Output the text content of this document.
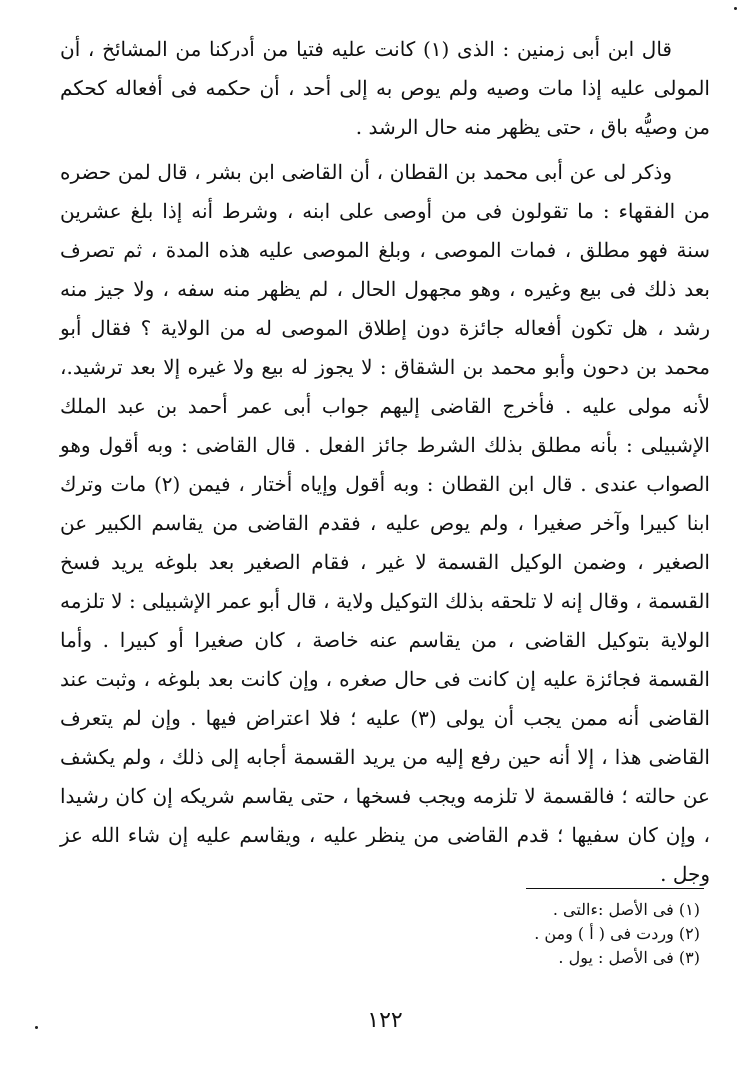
قال ابن أبى زمنين : الذى (١) كانت عليه فتيا من أدركنا من المشائخ ، أن المولى عليه إذا مات وصيه ولم يوص به إلى أحد ، أن حكمه فى أفعاله كحكم من وصيُّه باق ، حتى يظهر منه حال الرشد .

وذكر لى عن أبى محمد بن القطان ، أن القاضى ابن بشر ، قال لمن حضره من الفقهاء : ما تقولون فى من أوصى على ابنه ، وشرط أنه إذا بلغ عشرين سنة فهو مطلق ، فمات الموصى ، وبلغ الموصى عليه هذه المدة ، ثم تصرف بعد ذلك فى بيع وغيره ، وهو مجهول الحال ، لم يظهر منه سفه ، ولا جيز منه رشد ، هل تكون أفعاله جائزة دون إطلاق الموصى له من الولاية ؟ فقال أبو محمد بن دحون وأبو محمد بن الشقاق : لا يجوز له بيع ولا غيره إلا بعد ترشيد.، لأنه مولى عليه . فأخرج القاضى إليهم جواب أبى عمر أحمد بن عبد الملك الإشبيلى : بأنه مطلق بذلك الشرط جائز الفعل . قال القاضى : وبه أقول وهو الصواب عندى . قال ابن القطان : وبه أقول وإياه أختار ، فيمن (٢) مات وترك ابنا كبيرا وآخر صغيرا ، ولم يوص عليه ، فقدم القاضى من يقاسم الكبير عن الصغير ، وضمن الوكيل القسمة لا غير ، فقام الصغير بعد بلوغه يريد فسخ القسمة ، وقال إنه لا تلحقه بذلك التوكيل ولاية ، قال أبو عمر الإشبيلى : لا تلزمه الولاية بتوكيل القاضى ، من يقاسم عنه خاصة ، كان صغيرا أو كبيرا . وأما القسمة فجائزة عليه إن كانت فى حال صغره ، وإن كانت بعد بلوغه ، وثبت عند القاضى أنه ممن يجب أن يولى (٣) عليه ؛ فلا اعتراض فيها . وإن لم يتعرف القاضى هذا ، إلا أنه حين رفع إليه من يريد القسمة أجابه إلى ذلك ، ولم يكشف عن حالته ؛ فالقسمة لا تلزمه ويجب فسخها ، حتى يقاسم شريكه إن كان رشيدا ، وإن كان سفيها ؛ قدم القاضى من ينظر عليه ، ويقاسم عليه إن شاء الله عز وجل .

(١) فى الأصل :ءالتى .
(٢) وردت فى ( أ ) ومن .
(٣) فى الأصل : يول .
١٢٢
